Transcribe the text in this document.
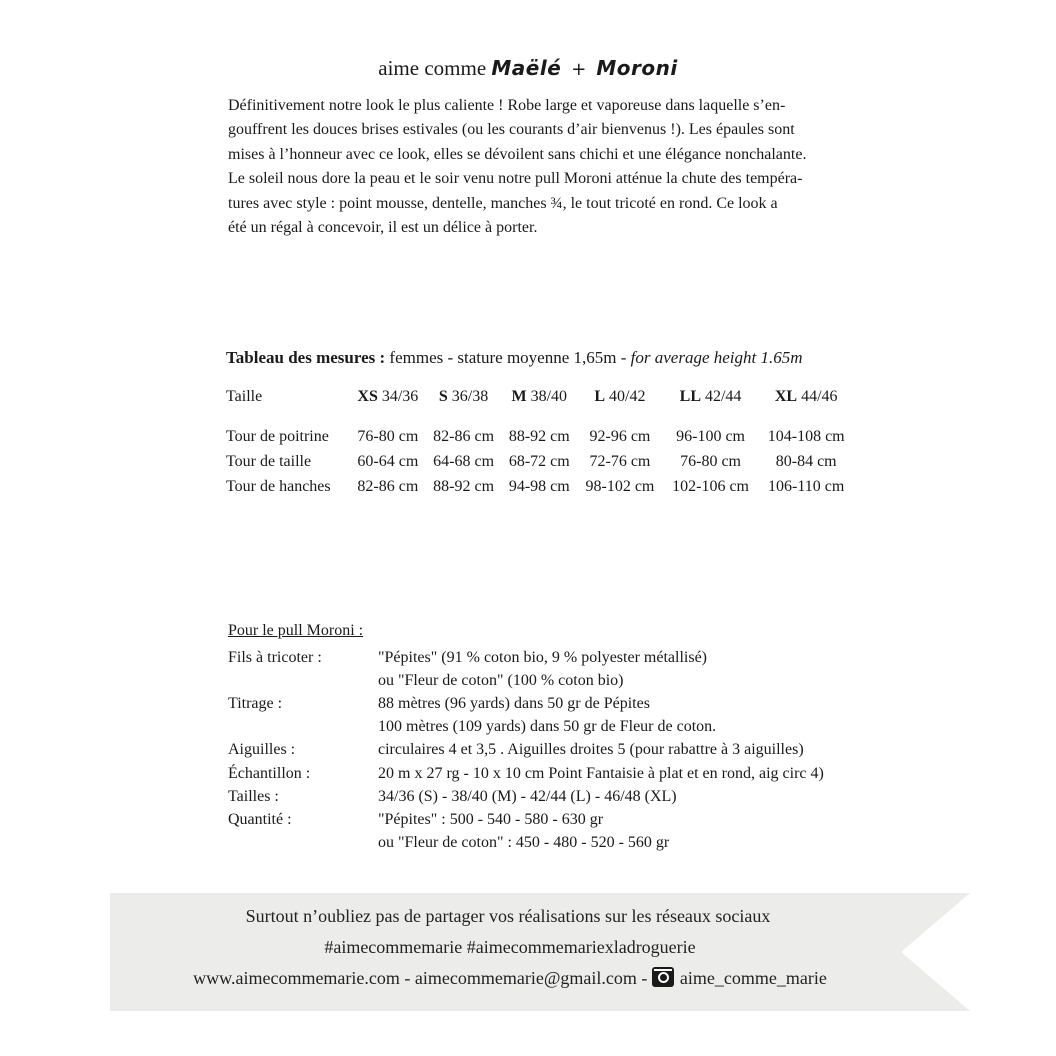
aime comme Maëlé + Moroni
Définitivement notre look le plus caliente ! Robe large et vaporeuse dans laquelle s’en-
gouffrent les douces brises estivales (ou les courants d’air bienvenus !). Les épaules sont
mises à l’honneur avec ce look, elles se dévoilent sans chichi et une élégance nonchalante.
Le soleil nous dore la peau et le soir venu notre pull Moroni atténue la chute des tempéra-
tures avec style : point mousse, dentelle, manches ¾, le tout tricoté en rond. Ce look a
été un régal à concevoir, il est un délice à porter.
Tableau des mesures : femmes - stature moyenne 1,65m - for average height 1.65m
Taille	XS 34/36	S 36/38	M 38/40	L 40/42	LL 42/44	XL 44/46

Tour de poitrine	76-80 cm	82-86 cm	88-92 cm	92-96 cm	96-100 cm	104-108 cm
Tour de taille	60-64 cm	64-68 cm	68-72 cm	72-76 cm	76-80 cm	80-84 cm
Tour de hanches	82-86 cm	88-92 cm	94-98 cm	98-102 cm	102-106 cm	106-110 cm
Pour le pull Moroni :
Fils à tricoter :	"Pépites" (91 % coton bio, 9 % polyester métallisé)
	ou "Fleur de coton" (100 % coton bio)
Titrage :	88 mètres (96 yards) dans 50 gr de Pépites
	100 mètres (109 yards) dans 50 gr de Fleur de coton.
Aiguilles :	circulaires 4 et 3,5 . Aiguilles droites 5 (pour rabattre à 3 aiguilles)
Échantillon :	20 m x 27 rg - 10 x 10 cm Point Fantaisie à plat et en rond, aig circ 4)
Tailles :	34/36 (S) - 38/40 (M) - 42/44 (L) - 46/48 (XL)
Quantité :	"Pépites" : 500 - 540 - 580 - 630 gr
	ou "Fleur de coton" : 450 - 480 - 520 - 560 gr
Surtout n’oubliez pas de partager vos réalisations sur les réseaux sociaux
#aimecommemarie #aimecommemariexladroguerie
www.aimecommemarie.com - aimecommemarie@gmail.com - aime_comme_marie
